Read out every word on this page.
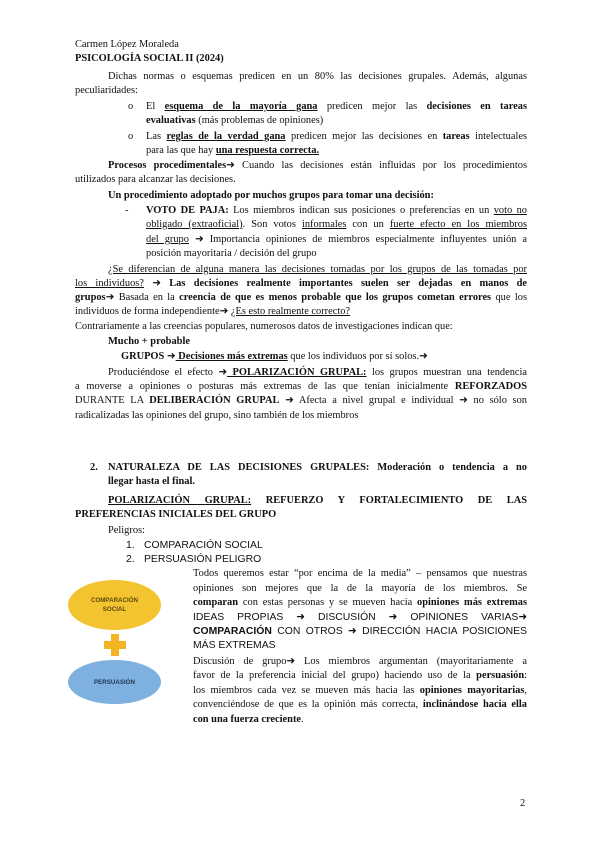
Carmen López Moraleda
PSICOLOGÍA SOCIAL II (2024)
Dichas normas o esquemas predicen en un 80% las decisiones grupales. Además, algunas
peculiaridades:
o El esquema de la mayoría gana predicen mejor las decisiones en tareas
evaluativas (más problemas de opiniones)
o Las reglas de la verdad gana predicen mejor las decisiones en tareas intelectuales
para las que hay una respuesta correcta.
Procesos procedimentales➜ Cuando las decisiones están influidas por los procedimientos
utilizados para alcanzar las decisiones.
Un procedimiento adoptado por muchos grupos para tomar una decisión:
- VOTO DE PAJA: Los miembros indican sus posiciones o preferencias en un voto no
obligado (extraoficial). Son votos informales con un fuerte efecto en los miembros
del grupo ➜ Importancia opiniones de miembros especialmente influyentes unión a
posición mayoritaria / decisión del grupo
¿Se diferencian de alguna manera las decisiones tomadas por los grupos de las tomadas por
los individuos? ➜ Las decisiones realmente importantes suelen ser dejadas en manos de
grupos➜ Basada en la creencia de que es menos probable que los grupos cometan errores que los
individuos de forma independiente➜ ¿Es esto realmente correcto?
Contrariamente a las creencias populares, numerosos datos de investigaciones indican que:
Mucho + probable
GRUPOS ➜ Decisiones más extremas que los individuos por sí solos.➜
Produciéndose el efecto ➜ POLARIZACIÓN GRUPAL: los grupos muestran una tendencia
a moverse a opiniones o posturas más extremas de las que tenían inicialmente REFORZADOS
DURANTE LA DELIBERACIÓN GRUPAL ➜ Afecta a nivel grupal e individual ➜ no sólo son
radicalizadas las opiniones del grupo, sino también de los miembros
2. NATURALEZA DE LAS DECISIONES GRUPALES: Moderación o tendencia a no
llegar hasta el final.
POLARIZACIÓN GRUPAL: REFUERZO Y FORTALECIMIENTO DE LAS
PREFERENCIAS INICIALES DEL GRUPO
Peligros:
1. COMPARACIÓN SOCIAL
2. PERSUASIÓN PELIGRO
COMPARACIÓN
SOCIAL
PERSUASIÓN
Todos queremos estar “por encima de la media” – pensamos que nuestras
opiniones son mejores que la de la mayoría de los miembros. Se
comparan con estas personas y se mueven hacia opiniones más extremas
IDEAS PROPIAS ➜ DISCUSIÓN ➜ OPINIONES VARIAS➜
COMPARACIÓN CON OTROS ➜ DIRECCIÓN HACIA POSICIONES
MÁS EXTREMAS
Discusión de grupo➜ Los miembros argumentan (mayoritariamente a
favor de la preferencia inicial del grupo) haciendo uso de la persuasión:
los miembros cada vez se mueven más hacia las opiniones mayoritarias,
convenciéndose de que es la opinión más correcta, inclinándose hacia ella
con una fuerza creciente.
2
